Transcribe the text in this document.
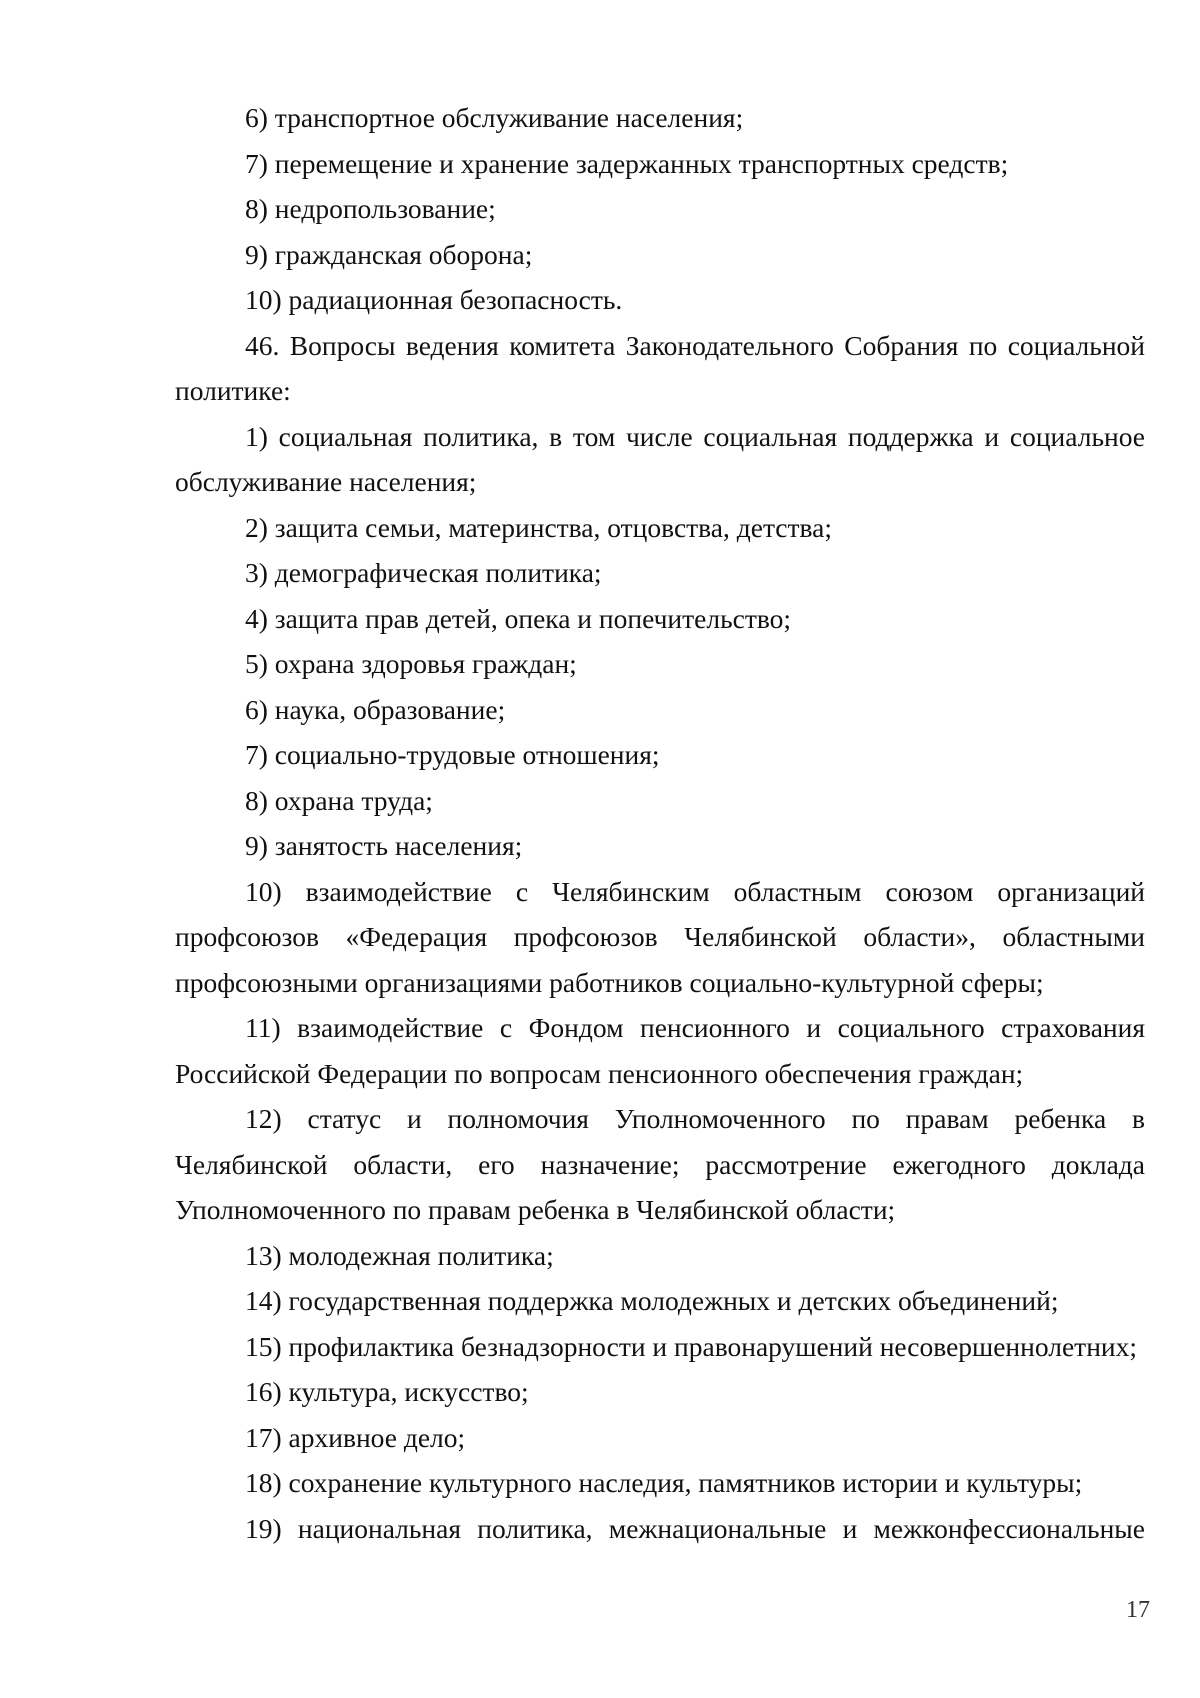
6) транспортное обслуживание населения;

7) перемещение и хранение задержанных транспортных средств;

8) недропользование;

9) гражданская оборона;

10) радиационная безопасность.

46. Вопросы ведения комитета Законодательного Собрания по социальной политике:

1) социальная политика, в том числе социальная поддержка и социальное обслуживание населения;

2) защита семьи, материнства, отцовства, детства;

3) демографическая политика;

4) защита прав детей, опека и попечительство;

5) охрана здоровья граждан;

6) наука, образование;

7) социально-трудовые отношения;

8) охрана труда;

9) занятость населения;

10) взаимодействие с Челябинским областным союзом организаций профсоюзов «Федерация профсоюзов Челябинской области», областными профсоюзными организациями работников социально-культурной сферы;

11) взаимодействие с Фондом пенсионного и социального страхования Российской Федерации по вопросам пенсионного обеспечения граждан;

12) статус и полномочия Уполномоченного по правам ребенка в Челябинской области, его назначение; рассмотрение ежегодного доклада Уполномоченного по правам ребенка в Челябинской области;

13) молодежная политика;

14) государственная поддержка молодежных и детских объединений;

15) профилактика безнадзорности и правонарушений несовершеннолетних;

16) культура, искусство;

17) архивное дело;

18) сохранение культурного наследия, памятников истории и культуры;

19) национальная политика, межнациональные и межконфессиональные

17
